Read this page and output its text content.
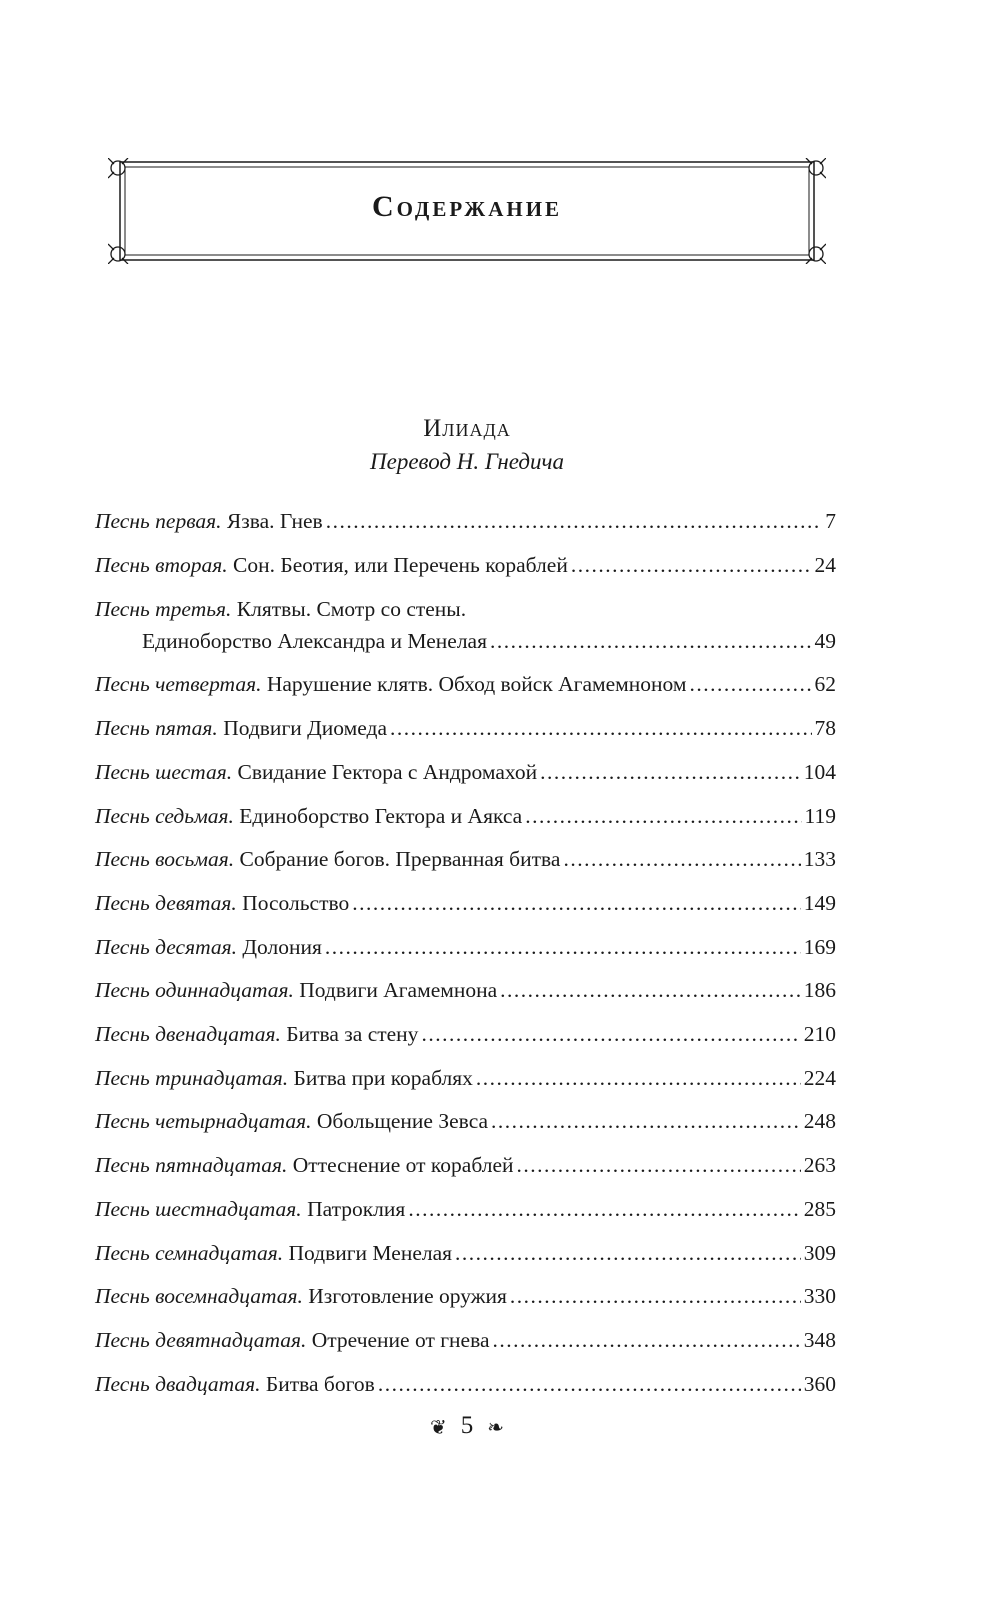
Содержание
Илиада
Перевод Н. Гнедича
Песнь первая. Язва. Гнев .....	7
Песнь вторая. Сон. Беотия, или Перечень кораблей .....	24
Песнь третья. Клятвы. Смотр со стены.
Единоборство Александра и Менелая .....	49
Песнь четвертая. Нарушение клятв. Обход войск Агамемноном .....	62
Песнь пятая. Подвиги Диомеда .....	78
Песнь шестая. Свидание Гектора с Андромахой .....	104
Песнь седьмая. Единоборство Гектора и Аякса .....	119
Песнь восьмая. Собрание богов. Прерванная битва .....	133
Песнь девятая. Посольство .....	149
Песнь десятая. Долония .....	169
Песнь одиннадцатая. Подвиги Агамемнона .....	186
Песнь двенадцатая. Битва за стену .....	210
Песнь тринадцатая. Битва при кораблях .....	224
Песнь четырнадцатая. Обольщение Зевса .....	248
Песнь пятнадцатая. Оттеснение от кораблей .....	263
Песнь шестнадцатая. Патроклия .....	285
Песнь семнадцатая. Подвиги Менелая .....	309
Песнь восемнадцатая. Изготовление оружия .....	330
Песнь девятнадцатая. Отречение от гнева .....	348
Песнь двадцатая. Битва богов .....	360
❦ 5 ❧
